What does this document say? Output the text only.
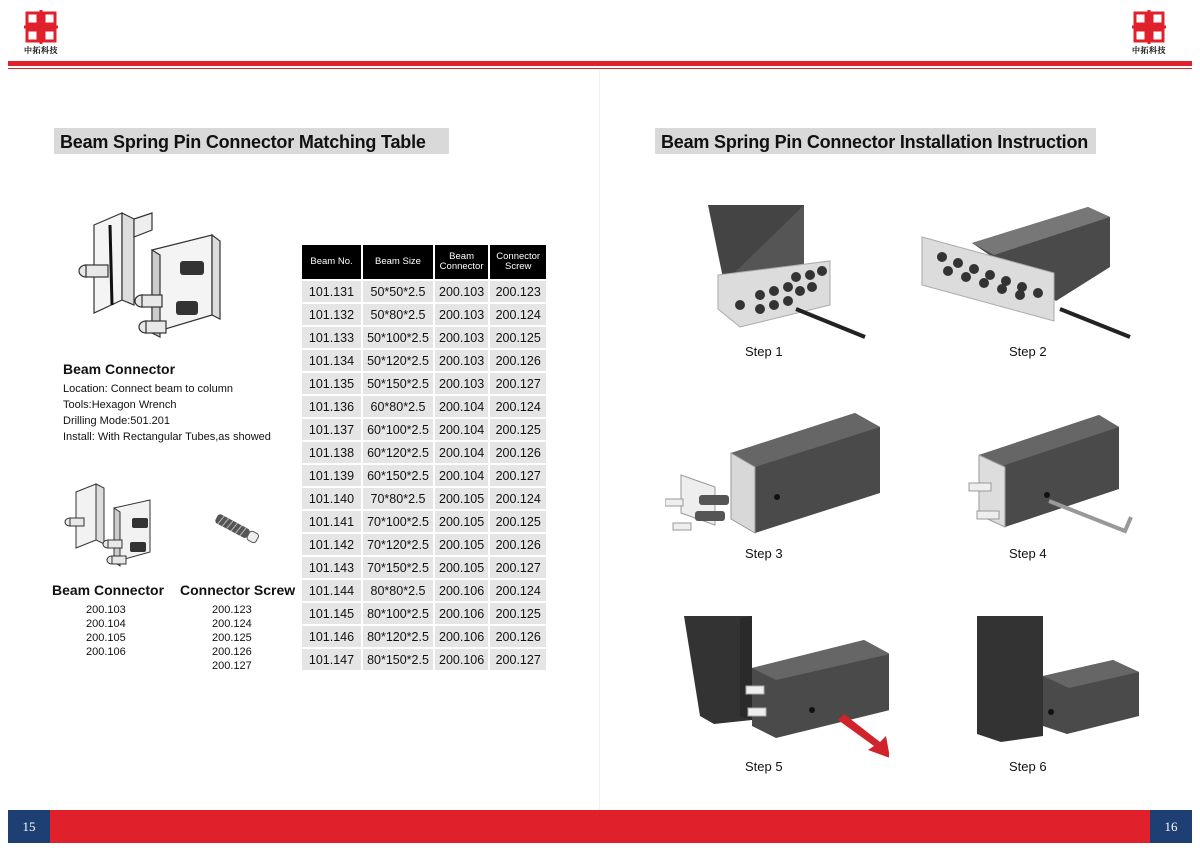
中拓科技	中拓科技
Beam Spring Pin Connector Matching Table
Beam Connector
Location: Connect beam to column
Tools:Hexagon Wrench
Drilling Mode:501.201
Install: With Rectangular Tubes,as showed
Beam Connector Connector Screw
200.103
200.104
200.105
200.106
200.123
200.124
200.125
200.126
200.127
Beam No.	Beam Size	Beam Connector	Connector Screw
101.131	50*50*2.5	200.103	200.123
101.132	50*80*2.5	200.103	200.124
101.133	50*100*2.5	200.103	200.125
101.134	50*120*2.5	200.103	200.126
101.135	50*150*2.5	200.103	200.127
101.136	60*80*2.5	200.104	200.124
101.137	60*100*2.5	200.104	200.125
101.138	60*120*2.5	200.104	200.126
101.139	60*150*2.5	200.104	200.127
101.140	70*80*2.5	200.105	200.124
101.141	70*100*2.5	200.105	200.125
101.142	70*120*2.5	200.105	200.126
101.143	70*150*2.5	200.105	200.127
101.144	80*80*2.5	200.106	200.124
101.145	80*100*2.5	200.106	200.125
101.146	80*120*2.5	200.106	200.126
101.147	80*150*2.5	200.106	200.127
Beam Spring Pin Connector Installation Instruction
Step 1	Step 2
Step 3	Step 4
Step 5	Step 6
15	16
